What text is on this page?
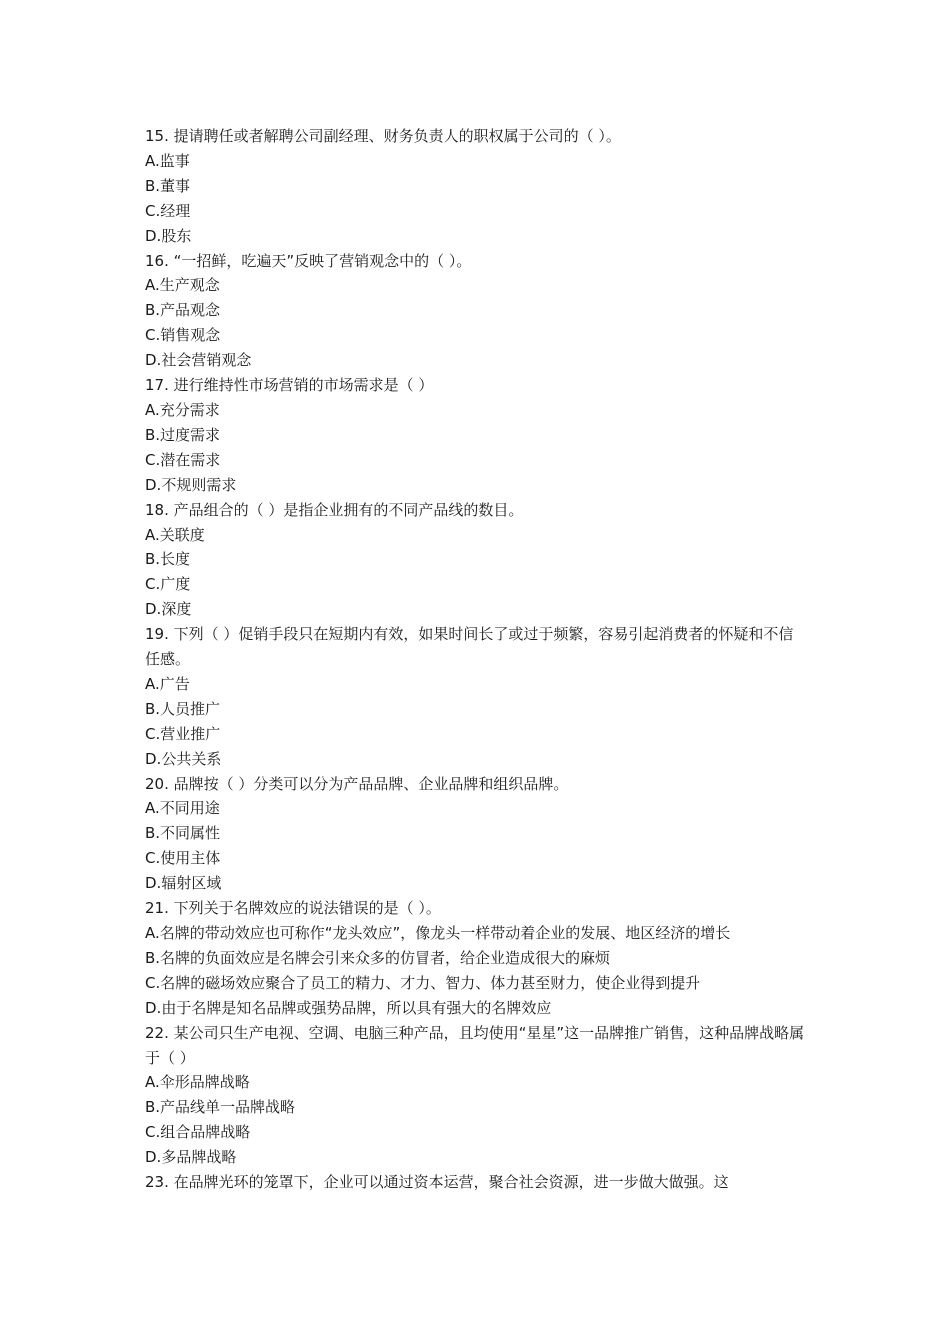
15. 提请聘任或者解聘公司副经理、财务负责人的职权属于公司的（ ）。

A.监事

B.董事

C.经理

D.股东

16. “一招鲜，吃遍天”反映了营销观念中的（ ）。

A.生产观念

B.产品观念

C.销售观念

D.社会营销观念

17. 进行维持性市场营销的市场需求是（ ）

A.充分需求

B.过度需求

C.潜在需求

D.不规则需求

18. 产品组合的（ ）是指企业拥有的不同产品线的数目。

A.关联度

B.长度

C.广度

D.深度

19. 下列（ ）促销手段只在短期内有效，如果时间长了或过于频繁，容易引起消费者的怀疑和不信任感。

A.广告

B.人员推广

C.营业推广

D.公共关系

20. 品牌按（ ）分类可以分为产品品牌、企业品牌和组织品牌。

A.不同用途

B.不同属性

C.使用主体

D.辐射区域

21. 下列关于名牌效应的说法错误的是（ ）。

A.名牌的带动效应也可称作“龙头效应”，像龙头一样带动着企业的发展、地区经济的增长

B.名牌的负面效应是名牌会引来众多的仿冒者，给企业造成很大的麻烦

C.名牌的磁场效应聚合了员工的精力、才力、智力、体力甚至财力，使企业得到提升

D.由于名牌是知名品牌或强势品牌，所以具有强大的名牌效应

22. 某公司只生产电视、空调、电脑三种产品，且均使用“星星”这一品牌推广销售，这种品牌战略属于（ ）

A.伞形品牌战略

B.产品线单一品牌战略

C.组合品牌战略

D.多品牌战略

23. 在品牌光环的笼罩下，企业可以通过资本运营，聚合社会资源，进一步做大做强。这
